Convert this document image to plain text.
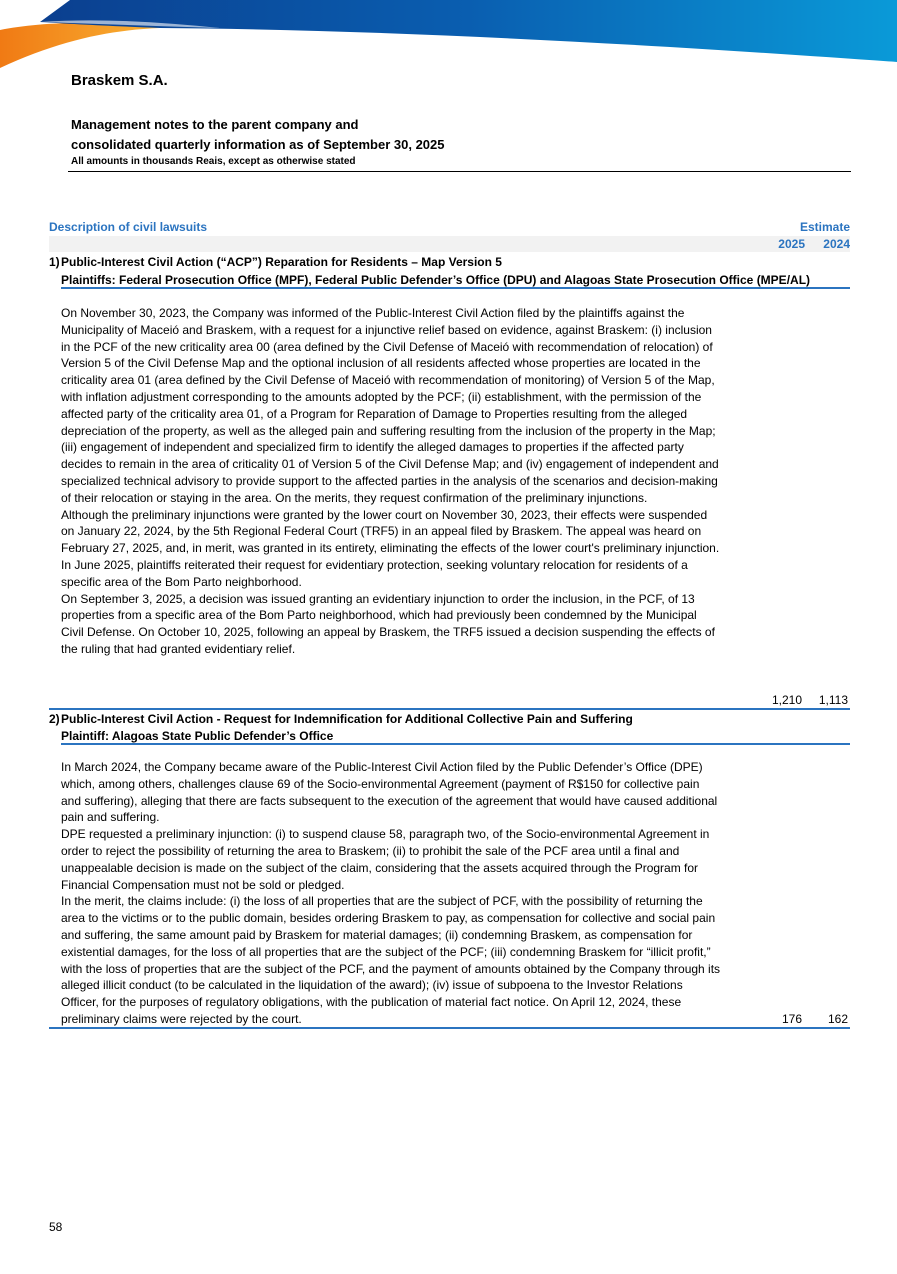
Braskem S.A.
Management notes to the parent company and
consolidated quarterly information as of September 30, 2025
All amounts in thousands Reais, except as otherwise stated
Description of civil lawsuits	Estimate
2025 2024
1) Public-Interest Civil Action (“ACP”) Reparation for Residents – Map Version 5
Plaintiffs: Federal Prosecution Office (MPF), Federal Public Defender’s Office (DPU) and Alagoas State Prosecution Office (MPE/AL)

On November 30, 2023, the Company was informed of the Public-Interest Civil Action filed by the plaintiffs against the Municipality of Maceió and Braskem, with a request for a injunctive relief based on evidence, against Braskem: (i) inclusion in the PCF of the new criticality area 00 (area defined by the Civil Defense of Maceió with recommendation of relocation) of Version 5 of the Civil Defense Map and the optional inclusion of all residents affected whose properties are located in the criticality area 01 (area defined by the Civil Defense of Maceió with recommendation of monitoring) of Version 5 of the Map, with inflation adjustment corresponding to the amounts adopted by the PCF; (ii) establishment, with the permission of the affected party of the criticality area 01, of a Program for Reparation of Damage to Properties resulting from the alleged depreciation of the property, as well as the alleged pain and suffering resulting from the inclusion of the property in the Map; (iii) engagement of independent and specialized firm to identify the alleged damages to properties if the affected party decides to remain in the area of criticality 01 of Version 5 of the Civil Defense Map; and (iv) engagement of independent and specialized technical advisory to provide support to the affected parties in the analysis of the scenarios and decision-making of their relocation or staying in the area. On the merits, they request confirmation of the preliminary injunctions.

Although the preliminary injunctions were granted by the lower court on November 30, 2023, their effects were suspended on January 22, 2024, by the 5th Regional Federal Court (TRF5) in an appeal filed by Braskem. The appeal was heard on February 27, 2025, and, in merit, was granted in its entirety, eliminating the effects of the lower court's preliminary injunction.

In June 2025, plaintiffs reiterated their request for evidentiary protection, seeking voluntary relocation for residents of a specific area of the Bom Parto neighborhood.

On September 3, 2025, a decision was issued granting an evidentiary injunction to order the inclusion, in the PCF, of 13 properties from a specific area of the Bom Parto neighborhood, which had previously been condemned by the Municipal Civil Defense. On October 10, 2025, following an appeal by Braskem, the TRF5 issued a decision suspending the effects of the ruling that had granted evidentiary relief.

1,210 1,113
2) Public-Interest Civil Action - Request for Indemnification for Additional Collective Pain and Suffering
Plaintiff: Alagoas State Public Defender’s Office

In March 2024, the Company became aware of the Public-Interest Civil Action filed by the Public Defender’s Office (DPE) which, among others, challenges clause 69 of the Socio-environmental Agreement (payment of R$150 for collective pain and suffering), alleging that there are facts subsequent to the execution of the agreement that would have caused additional pain and suffering.

DPE requested a preliminary injunction: (i) to suspend clause 58, paragraph two, of the Socio-environmental Agreement in order to reject the possibility of returning the area to Braskem; (ii) to prohibit the sale of the PCF area until a final and unappealable decision is made on the subject of the claim, considering that the assets acquired through the Program for Financial Compensation must not be sold or pledged.

In the merit, the claims include: (i) the loss of all properties that are the subject of PCF, with the possibility of returning the area to the victims or to the public domain, besides ordering Braskem to pay, as compensation for collective and social pain and suffering, the same amount paid by Braskem for material damages; (ii) condemning Braskem, as compensation for existential damages, for the loss of all properties that are the subject of the PCF; (iii) condemning Braskem for “illicit profit,” with the loss of properties that are the subject of the PCF, and the payment of amounts obtained by the Company through its alleged illicit conduct (to be calculated in the liquidation of the award); (iv) issue of subpoena to the Investor Relations Officer, for the purposes of regulatory obligations, with the publication of material fact notice. On April 12, 2024, these preliminary claims were rejected by the court.	176 162
58
